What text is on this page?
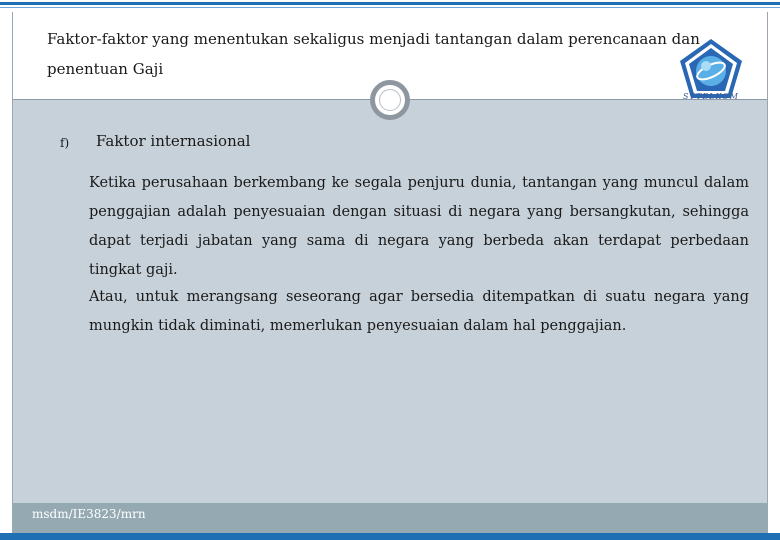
Faktor-faktor yang menentukan sekaligus menjadi tantangan dalam perencanaan dan penentuan Gaji
STTELKOM
f) Faktor internasional

Ketika perusahaan berkembang ke segala penjuru dunia, tantangan yang muncul dalam penggajian adalah penyesuaian dengan situasi di negara yang bersangkutan, sehingga dapat terjadi jabatan yang sama di negara yang berbeda akan terdapat perbedaan tingkat gaji.

Atau, untuk merangsang seseorang agar bersedia ditempatkan di suatu negara yang mungkin tidak diminati, memerlukan penyesuaian dalam hal penggajian.

msdm/IE3823/mrn
